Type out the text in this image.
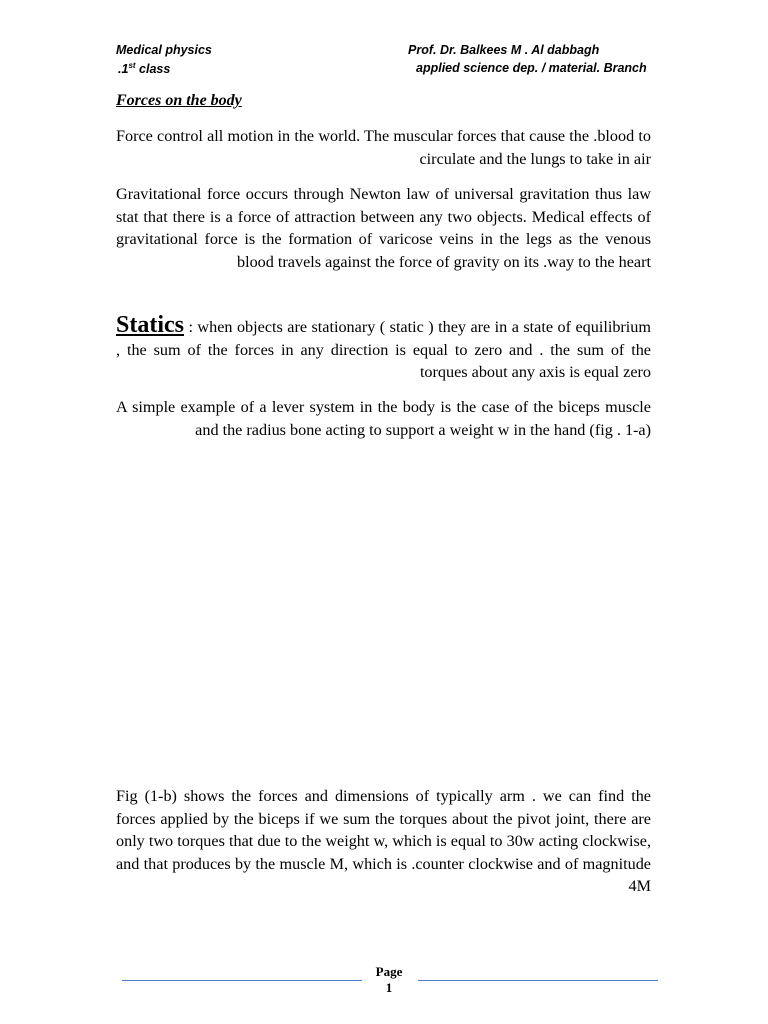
Medical physics
.1st class
Prof. Dr. Balkees M . Al dabbagh
applied science dep. / material. Branch
Forces on the body
Force control all motion in the world. The muscular forces that cause the .blood to circulate and the lungs to take in air
Gravitational force occurs through Newton law of universal gravitation thus law stat that there is a force of attraction between any two objects. Medical effects of gravitational force is the formation of varicose veins in the legs as the venous blood travels against the force of gravity on its .way to the heart
Statics : when objects are stationary ( static ) they are in a state of equilibrium , the sum of the forces in any direction is equal to zero and . the sum of the torques about any axis is equal zero
A simple example of a lever system in the body is the case of the biceps muscle and the radius bone acting to support a weight w in the hand (fig . 1-a)
Fig (1-b) shows the forces and dimensions of typically arm . we can find the forces applied by the biceps if we sum the torques about the pivot joint, there are only two torques that due to the weight w, which is equal to 30w acting clockwise, and that produces by the muscle M, which is .counter clockwise and of magnitude 4M
Page
1
